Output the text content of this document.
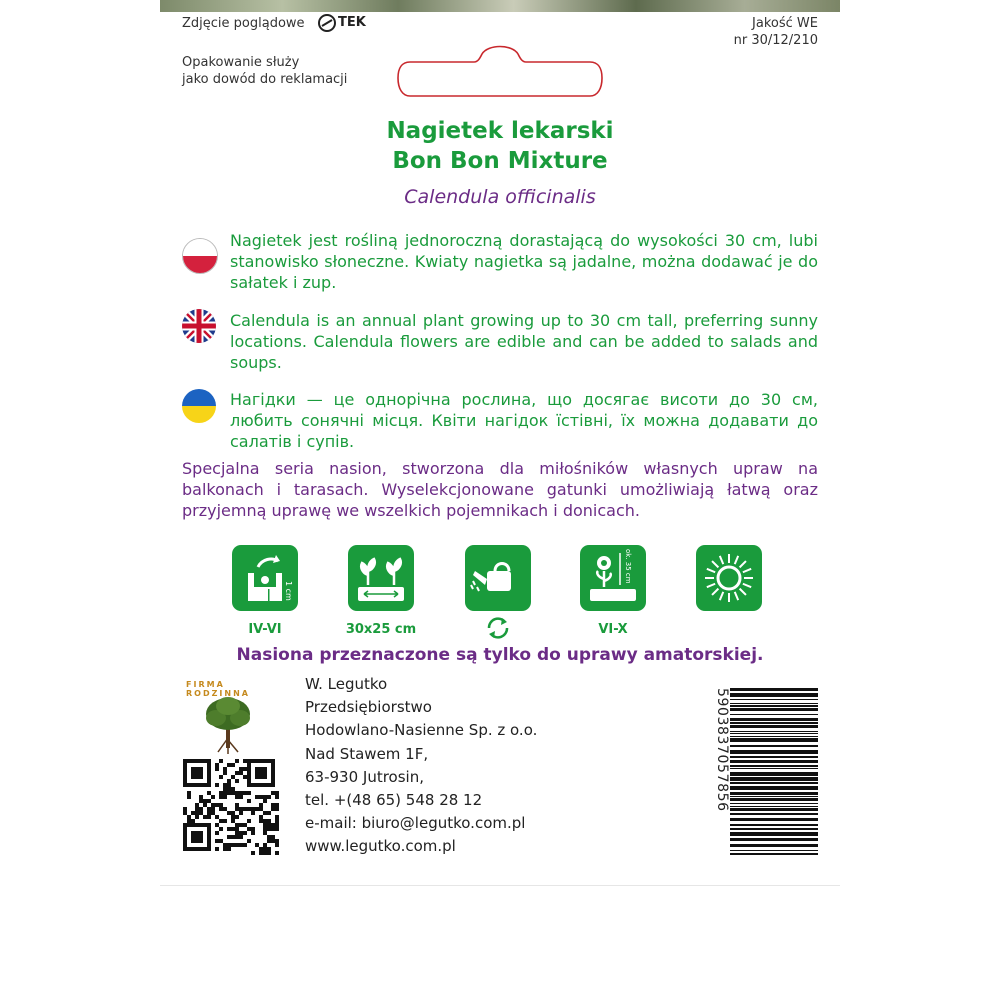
Zdjęcie poglądowe	TEK	Jakość WE
nr 30/12/210
Opakowanie służy
jako dowód do reklamacji
Nagietek lekarski
Bon Bon Mixture
Calendula officinalis
Nagietek jest rośliną jednoroczną dorastającą do wysokości 30 cm, lubi stanowisko słoneczne. Kwiaty nagietka są jadalne, można dodawać je do sałatek i zup.
Calendula is an annual plant growing up to 30 cm tall, preferring sunny locations. Calendula flowers are edible and can be added to salads and soups.
Нагідки — це однорічна рослина, що досягає висоти до 30 см, любить сонячні місця. Квіти нагідок їстівні, їх можна додавати до салатів і супів.
Specjalna seria nasion, stworzona dla miłośników własnych upraw na balkonach i tarasach. Wyselekcjonowane gatunki umożliwiają łatwą oraz przyjemną uprawę we wszelkich pojemnikach i donicach.
1 cm
IV-VI	30x25 cm
ok. 35 cm
VI-X
Nasiona przeznaczone są tylko do uprawy amatorskiej.
FIRMA RODZINNA
W. Legutko
Przedsiębiorstwo
Hodowlano-Nasienne Sp. z o.o.
Nad Stawem 1F,
63-930 Jutrosin,
tel. +(48 65) 548 28 12
e-mail: biuro@legutko.com.pl
www.legutko.com.pl
5903837057856
